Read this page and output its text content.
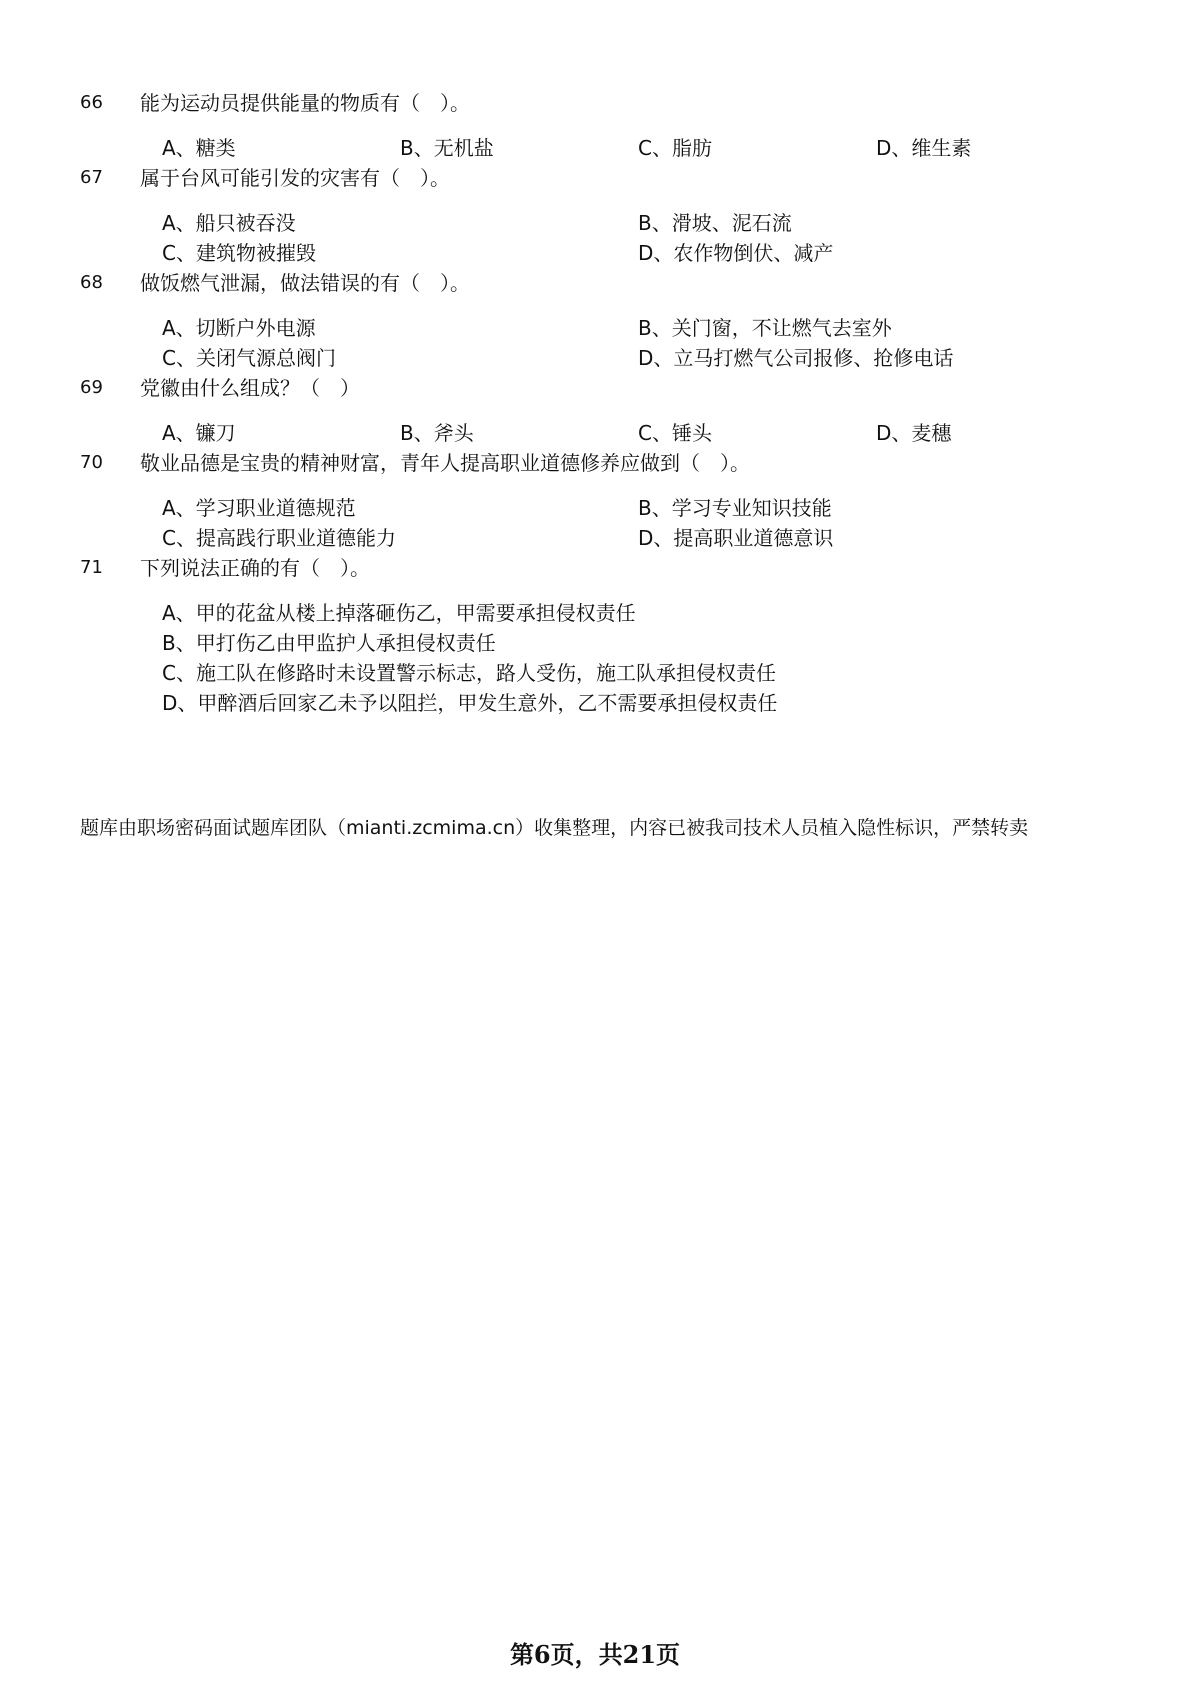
66	能为运动员提供能量的物质有（　）。
A、糖类	B、无机盐	C、脂肪	D、维生素
67	属于台风可能引发的灾害有（　）。
A、船只被吞没	B、滑坡、泥石流
C、建筑物被摧毁	D、农作物倒伏、减产
68	做饭燃气泄漏，做法错误的有（　）。
A、切断户外电源	B、关门窗，不让燃气去室外
C、关闭气源总阀门	D、立马打燃气公司报修、抢修电话
69	党徽由什么组成？（　）
A、镰刀	B、斧头	C、锤头	D、麦穗
70	敬业品德是宝贵的精神财富，青年人提高职业道德修养应做到（　）。
A、学习职业道德规范	B、学习专业知识技能
C、提高践行职业道德能力	D、提高职业道德意识
71	下列说法正确的有（　）。
A、甲的花盆从楼上掉落砸伤乙，甲需要承担侵权责任
B、甲打伤乙由甲监护人承担侵权责任
C、施工队在修路时未设置警示标志，路人受伤，施工队承担侵权责任
D、甲醉酒后回家乙未予以阻拦，甲发生意外，乙不需要承担侵权责任
题库由职场密码面试题库团队（mianti.zcmima.cn）收集整理，内容已被我司技术人员植入隐性标识，严禁转卖
第6页，共21页
